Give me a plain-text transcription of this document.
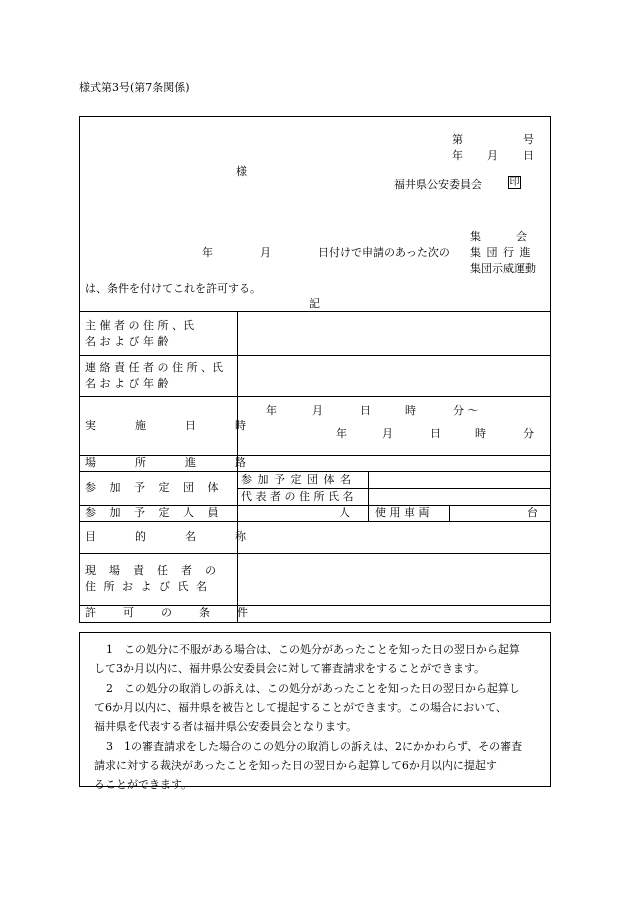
様式第3号(第7条関係)
第	号
年 月 日
様
福井県公安委員会	印
年	月	日付けで申請のあった次の
集　　　会
集 団 行 進
集団示威運動
は、条件を付けてこれを許可する。
記
主 催 者 の 住 所 、氏
名 お よ び 年 齢
連 絡 責 任 者 の 住 所 、氏
名 お よ び 年 齢
実　施　日　時
年	月	日	時	分 ～
年	月	日	時	分
場　所　進　路
参 加 予 定 団 体
参 加 予 定 団 体 名
代 表 者 の 住 所 氏 名
参 加 予 定 人 員	人 使 用 車 両	台
目　的　名　称
現　場　責　任　者　の
住 所 お よ び 氏 名
許　可　の　条　件
1　この処分に不服がある場合は、この処分があったことを知った日の翌日から起算
して3か月以内に、福井県公安委員会に対して審査請求をすることができます。
2　この処分の取消しの訴えは、この処分があったことを知った日の翌日から起算し
て6か月以内に、福井県を被告として提起することができます。この場合において、
福井県を代表する者は福井県公安委員会となります。
3　1の審査請求をした場合のこの処分の取消しの訴えは、2にかかわらず、その審査
請求に対する裁決があったことを知った日の翌日から起算して6か月以内に提起す
ることができます。
